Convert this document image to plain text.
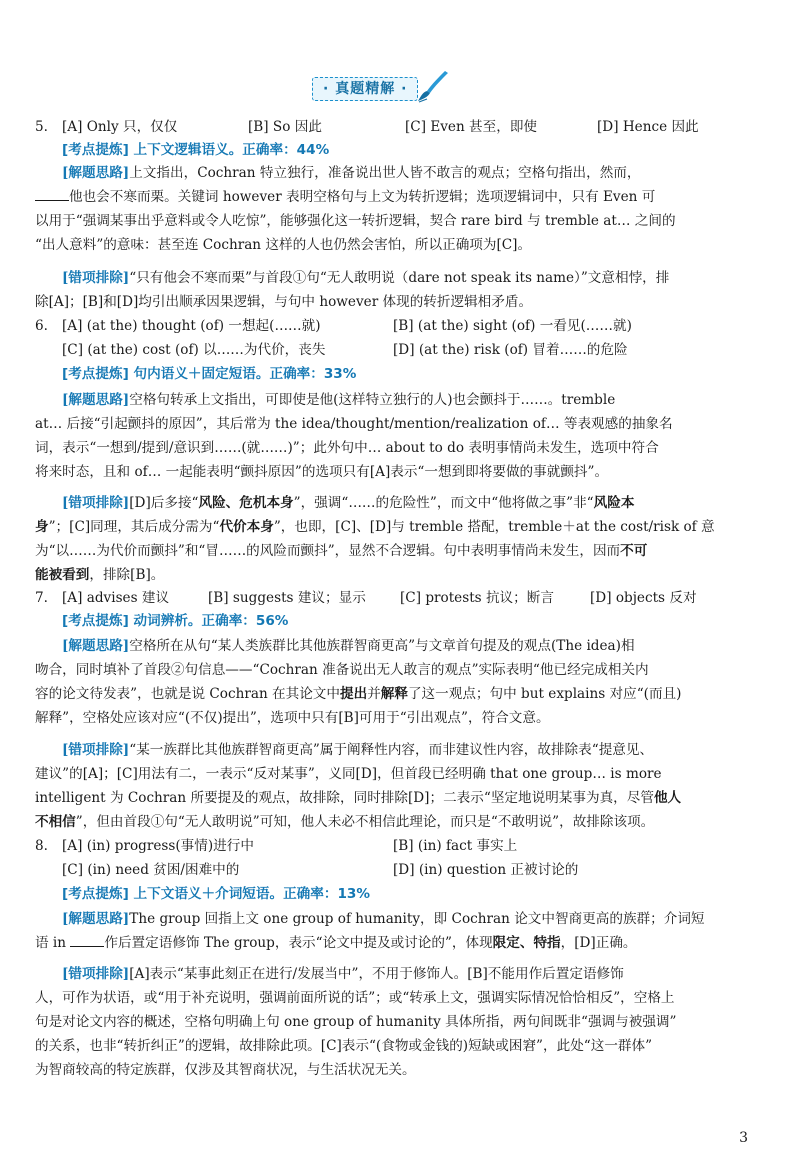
· 真题精解 ·
5. [A] Only 只，仅仅	[B] So 因此	[C] Even 甚至，即使	[D] Hence 因此
[考点提炼] 上下文逻辑语义。正确率：44%
[解题思路]上文指出，Cochran 特立独行，准备说出世人皆不敢言的观点；空格句指出，然而，
他也会不寒而栗。关键词 however 表明空格句与上文为转折逻辑；选项逻辑词中，只有 Even 可
以用于“强调某事出乎意料或令人吃惊”，能够强化这一转折逻辑，契合 rare bird 与 tremble at… 之间的
“出人意料”的意味：甚至连 Cochran 这样的人也仍然会害怕，所以正确项为[C]。
[错项排除]“只有他会不寒而栗”与首段①句“无人敢明说（dare not speak its name）”文意相悖，排
除[A]；[B]和[D]均引出顺承因果逻辑，与句中 however 体现的转折逻辑相矛盾。
6. [A] (at the) thought (of) 一想起(……就)	[B] (at the) sight (of) 一看见(……就)
[C] (at the) cost (of) 以……为代价，丧失	[D] (at the) risk (of) 冒着……的危险
[考点提炼] 句内语义＋固定短语。正确率：33%
[解题思路]空格句转承上文指出，可即使是他(这样特立独行的人)也会颤抖于……。tremble
at… 后接“引起颤抖的原因”，其后常为 the idea/thought/mention/realization of… 等表观感的抽象名
词，表示“一想到/提到/意识到……(就……)”；此外句中… about to do 表明事情尚未发生，选项中符合
将来时态，且和 of… 一起能表明“颤抖原因”的选项只有[A]表示“一想到即将要做的事就颤抖”。
[错项排除][D]后多接“风险、危机本身”，强调“……的危险性”，而文中“他将做之事”非“风险本
身”；[C]同理，其后成分需为“代价本身”，也即，[C]、[D]与 tremble 搭配，tremble＋at the cost/risk of 意
为“以……为代价而颤抖”和“冒……的风险而颤抖”，显然不合逻辑。句中表明事情尚未发生，因而不可
能被看到，排除[B]。
7. [A] advises 建议	[B] suggests 建议；显示	[C] protests 抗议；断言	[D] objects 反对
[考点提炼] 动词辨析。正确率：56%
[解题思路]空格所在从句“某人类族群比其他族群智商更高”与文章首句提及的观点(The idea)相
吻合，同时填补了首段②句信息——“Cochran 准备说出无人敢言的观点”实际表明“他已经完成相关内
容的论文待发表”，也就是说 Cochran 在其论文中提出并解释了这一观点；句中 but explains 对应“(而且)
解释”，空格处应该对应“(不仅)提出”，选项中只有[B]可用于“引出观点”，符合文意。
[错项排除]“某一族群比其他族群智商更高”属于阐释性内容，而非建议性内容，故排除表“提意见、
建议”的[A]；[C]用法有二，一表示“反对某事”，义同[D]，但首段已经明确 that one group… is more
intelligent 为 Cochran 所要提及的观点，故排除，同时排除[D]；二表示“坚定地说明某事为真，尽管他人
不相信”，但由首段①句“无人敢明说”可知，他人未必不相信此理论，而只是“不敢明说”，故排除该项。
8. [A] (in) progress(事情)进行中	[B] (in) fact 事实上
[C] (in) need 贫困/困难中的	[D] (in) question 正被讨论的
[考点提炼] 上下文语义＋介词短语。正确率：13%
[解题思路]The group 回指上文 one group of humanity，即 Cochran 论文中智商更高的族群；介词短
语 in	作后置定语修饰 The group，表示“论文中提及或讨论的”，体现限定、特指，[D]正确。
[错项排除][A]表示“某事此刻正在进行/发展当中”，不用于修饰人。[B]不能用作后置定语修饰
人，可作为状语，或“用于补充说明，强调前面所说的话”；或“转承上文，强调实际情况恰恰相反”，空格上
句是对论文内容的概述，空格句明确上句 one group of humanity 具体所指，两句间既非“强调与被强调”
的关系，也非“转折纠正”的逻辑，故排除此项。[C]表示“(食物或金钱的)短缺或困窘”，此处“这一群体”
为智商较高的特定族群，仅涉及其智商状况，与生活状况无关。
3
